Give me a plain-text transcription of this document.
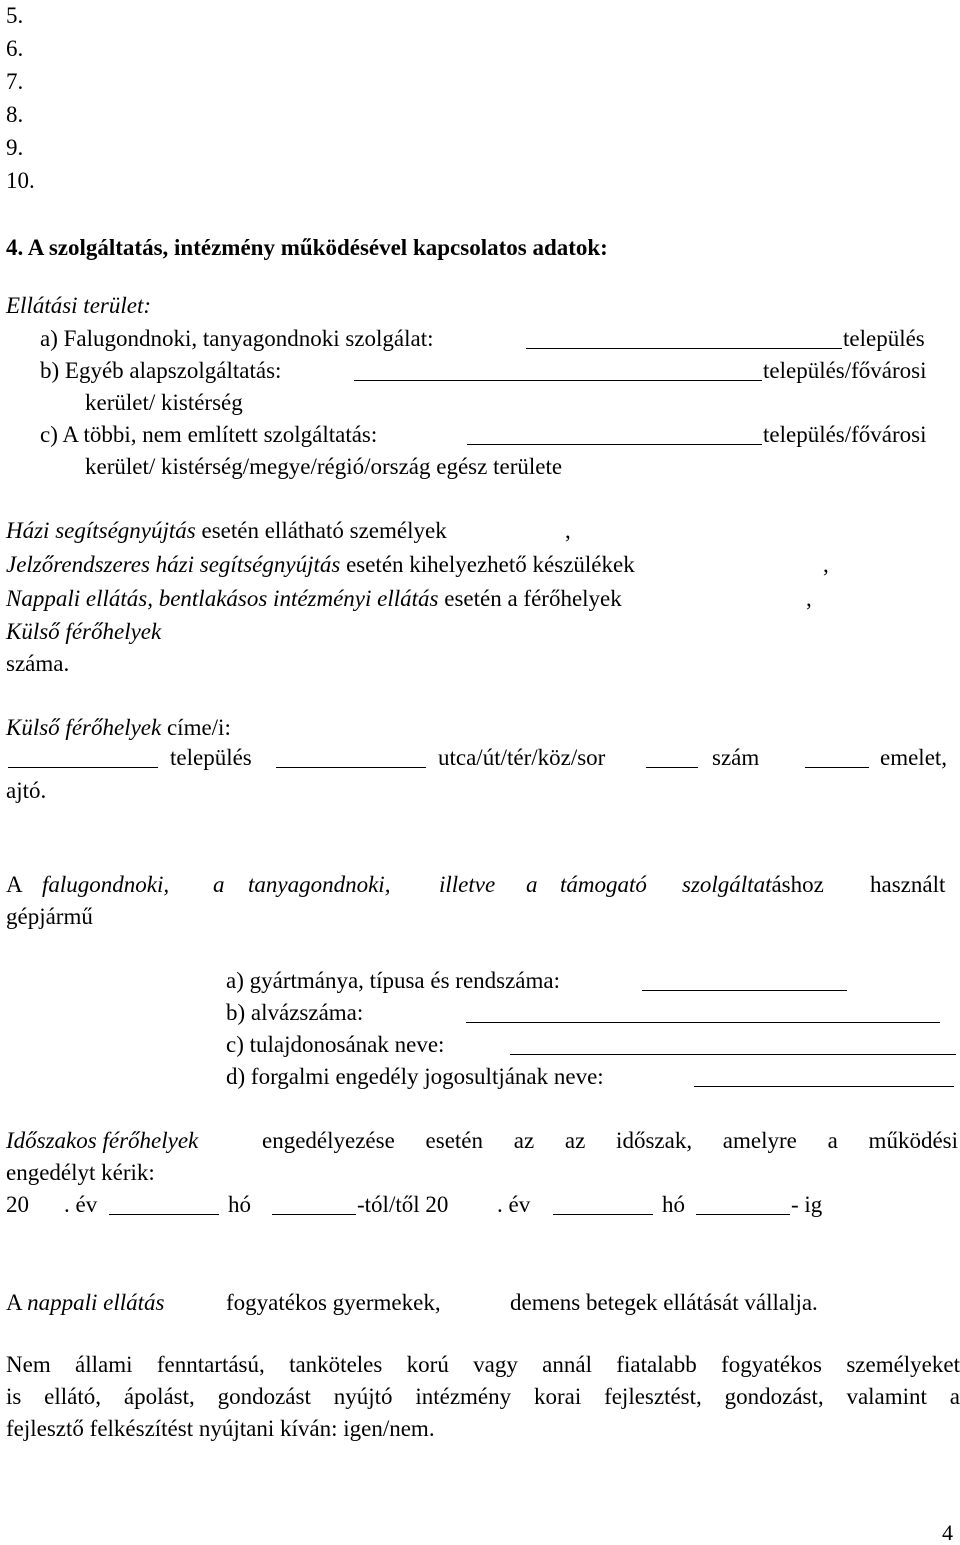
5.
6.
7.
8.
9.
10.
4. A szolgáltatás, intézmény működésével kapcsolatos adatok:
Ellátási terület:
a) Falugondnoki, tanyagondnoki szolgálat:	település
b) Egyéb alapszolgáltatás:	település/fővárosi
kerület/ kistérség
c) A többi, nem említett szolgáltatás:	település/fővárosi
kerület/ kistérség/megye/régió/ország egész területe
Házi segítségnyújtás esetén ellátható személyek	,
Jelzőrendszeres házi segítségnyújtás esetén kihelyezhető készülékek	,
Nappali ellátás, bentlakásos intézményi ellátás esetén a férőhelyek	,
Külső férőhelyek
száma.
Külső férőhelyek címe/i:
település	utca/út/tér/köz/sor	szám	emelet,
ajtó.
A falugondnoki, a tanyagondnoki, illetve a támogató szolgáltatáshoz használt
gépjármű
a) gyártmánya, típusa és rendszáma:
b) alvázszáma:
c) tulajdonosának neve:
d) forgalmi engedély jogosultjának neve:
Időszakos férőhelyek	engedélyezése esetén az az időszak, amelyre a működési
engedélyt kérik:
20 . év	hó	-tól/től 20 . év	hó	- ig
A nappali ellátás	fogyatékos gyermekek,	demens betegek ellátását vállalja.
Nem állami fenntartású, tanköteles korú vagy annál fiatalabb fogyatékos személyeket
is ellátó, ápolást, gondozást nyújtó intézmény korai fejlesztést, gondozást, valamint a
fejlesztő felkészítést nyújtani kíván: igen/nem.
4
